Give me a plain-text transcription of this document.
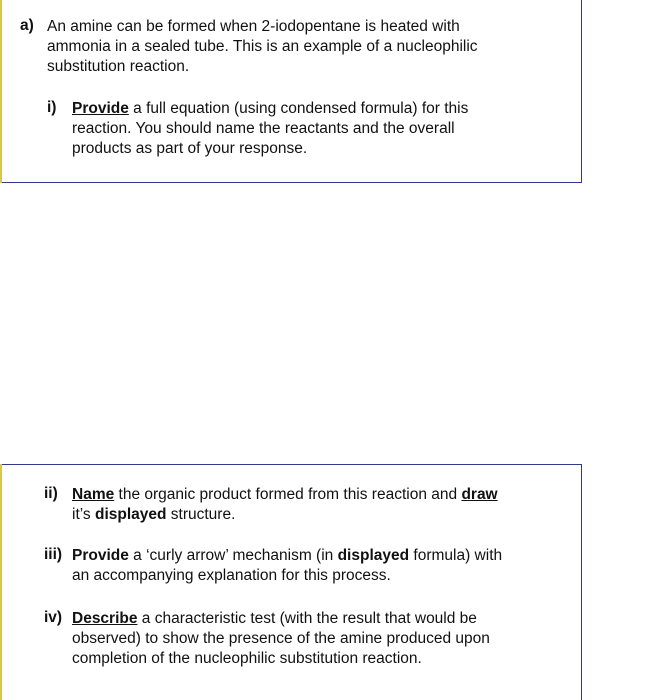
a) An amine can be formed when 2-iodopentane is heated with
ammonia in a sealed tube. This is an example of a nucleophilic
substitution reaction.
i) Provide a full equation (using condensed formula) for this
reaction. You should name the reactants and the overall
products as part of your response.
ii) Name the organic product formed from this reaction and draw
it’s displayed structure.
iii) Provide a ‘curly arrow’ mechanism (in displayed formula) with
an accompanying explanation for this process.
iv) Describe a characteristic test (with the result that would be
observed) to show the presence of the amine produced upon
completion of the nucleophilic substitution reaction.
